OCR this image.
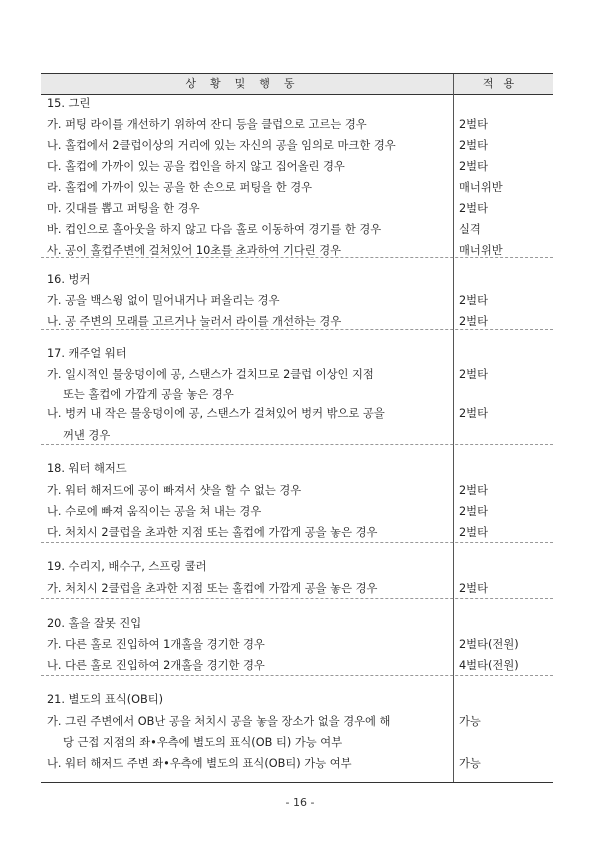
상황및행동	적용
15. 그린
가. 퍼팅 라이를 개선하기 위하여 잔디 등을 클럽으로 고르는 경우	2벌타
나. 홀컵에서 2클럽이상의 거리에 있는 자신의 공을 임의로 마크한 경우	2벌타
다. 홀컵에 가까이 있는 공을 컵인을 하지 않고 집어올린 경우	2벌타
라. 홀컵에 가까이 있는 공을 한 손으로 퍼팅을 한 경우	매너위반
마. 깃대를 뽑고 퍼팅을 한 경우	2벌타
바. 컵인으로 홀아웃을 하지 않고 다음 홀로 이동하여 경기를 한 경우	실격
사. 공이 홀컵주변에 걸쳐있어 10초를 초과하여 기다린 경우	매너위반
16. 벙커
가. 공을 백스윙 없이 밀어내거나 퍼올리는 경우	2벌타
나. 공 주변의 모래를 고르거나 눌러서 라이를 개선하는 경우	2벌타
17. 캐주얼 워터
가. 일시적인 물웅덩이에 공, 스탠스가 걸치므로 2클럽 이상인 지점	2벌타
또는 홀컵에 가깝게 공을 놓은 경우
나. 벙커 내 작은 물웅덩이에 공, 스탠스가 걸쳐있어 벙커 밖으로 공을	2벌타
꺼낸 경우
18. 워터 해저드
가. 워터 해저드에 공이 빠져서 샷을 할 수 없는 경우	2벌타
나. 수로에 빠져 움직이는 공을 쳐 내는 경우	2벌타
다. 처치시 2클럽을 초과한 지점 또는 홀컵에 가깝게 공을 놓은 경우	2벌타
19. 수리지, 배수구, 스프링 쿨러
가. 처치시 2클럽을 초과한 지점 또는 홀컵에 가깝게 공을 놓은 경우	2벌타
20. 홀을 잘못 진입
가. 다른 홀로 진입하여 1개홀을 경기한 경우	2벌타(전원)
나. 다른 홀로 진입하여 2개홀을 경기한 경우	4벌타(전원)
21. 별도의 표식(OB티)
가. 그린 주변에서 OB난 공을 처치시 공을 놓을 장소가 없을 경우에 해	가능
당 근접 지점의 좌•우측에 별도의 표식(OB 티) 가능 여부
나. 워터 해저드 주변 좌•우측에 별도의 표식(OB티) 가능 여부	가능
- 16 -
